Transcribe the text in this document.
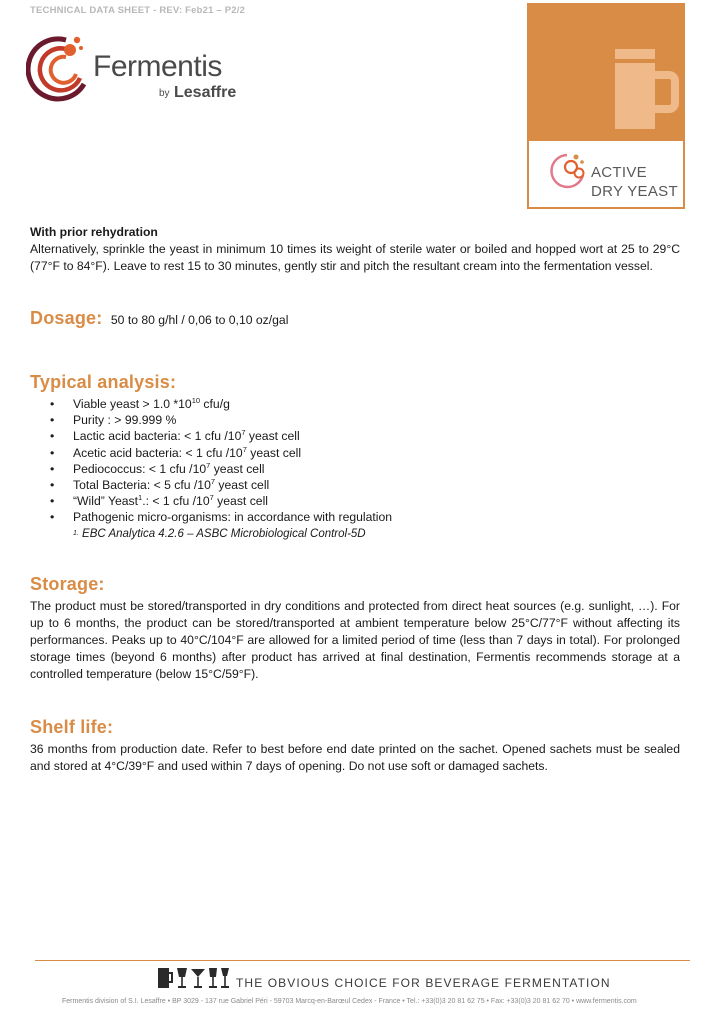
TECHNICAL DATA SHEET - REV: Feb21 – P2/2
Fermentis
by Lesaffre
ACTIVE
DRY YEAST
With prior rehydration
Alternatively, sprinkle the yeast in minimum 10 times its weight of sterile water or boiled and hopped wort at 25 to 29°C (77°F to 84°F). Leave to rest 15 to 30 minutes, gently stir and pitch the resultant cream into the fermentation vessel.
Dosage: 50 to 80 g/hl / 0,06 to 0,10 oz/gal
Typical analysis:
• Viable yeast > 1.0 $*10^{10}$ cfu/g
• Purity : > 99.999 %
• Lactic acid bacteria: < 1 cfu $/10^7$ yeast cell
• Acetic acid bacteria: < 1 cfu $/10^7$ yeast cell
• Pediococcus: < 1 cfu $/10^7$ yeast cell
• Total Bacteria: < 5 cfu $/10^7$ yeast cell
• “Wild” Yeast$^1$.: < 1 cfu $/10^7$ yeast cell
• Pathogenic micro-organisms: in accordance with regulation
$^{1.}$ EBC Analytica 4.2.6 – ASBC Microbiological Control-5D
Storage:
The product must be stored/transported in dry conditions and protected from direct heat sources (e.g. sunlight, …). For up to 6 months, the product can be stored/transported at ambient temperature below 25°C/77°F without affecting its performances. Peaks up to 40°C/104°F are allowed for a limited period of time (less than 7 days in total). For prolonged storage times (beyond 6 months) after product has arrived at final destination, Fermentis recommends storage at a controlled temperature (below 15°C/59°F).
Shelf life:
36 months from production date. Refer to best before end date printed on the sachet. Opened sachets must be sealed and stored at 4°C/39°F and used within 7 days of opening. Do not use soft or damaged sachets.
THE OBVIOUS CHOICE FOR BEVERAGE FERMENTATION
Fermentis division of S.I. Lesaffre • BP 3029 - 137 rue Gabriel Péri - 59703 Marcq-en-Barœul Cedex - France • Tel.: +33(0)3 20 81 62 75 • Fax: +33(0)3 20 81 62 70 • www.fermentis.com
